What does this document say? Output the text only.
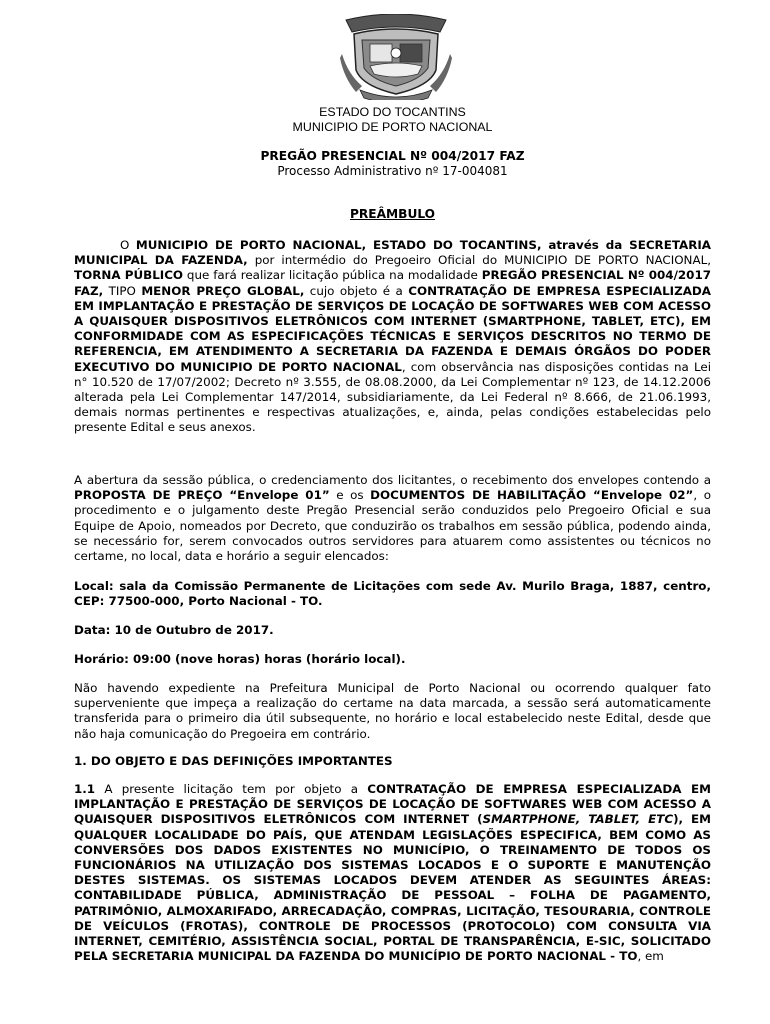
ESTADO DO TOCANTINS
MUNICIPIO DE PORTO NACIONAL
PREGÃO PRESENCIAL Nº 004/2017 FAZ
Processo Administrativo nº 17-004081
PREÂMBULO

O MUNICIPIO DE PORTO NACIONAL, ESTADO DO TOCANTINS, através da SECRETARIA MUNICIPAL DA FAZENDA, por intermédio do Pregoeiro Oficial do MUNICIPIO DE PORTO NACIONAL, TORNA PÚBLICO que fará realizar licitação pública na modalidade PREGÃO PRESENCIAL Nº 004/2017 FAZ, TIPO MENOR PREÇO GLOBAL, cujo objeto é a CONTRATAÇÃO DE EMPRESA ESPECIALIZADA EM IMPLANTAÇÃO E PRESTAÇÃO DE SERVIÇOS DE LOCAÇÃO DE SOFTWARES WEB COM ACESSO A QUAISQUER DISPOSITIVOS ELETRÔNICOS COM INTERNET (SMARTPHONE, TABLET, ETC), EM CONFORMIDADE COM AS ESPECIFICAÇÕES TÉCNICAS E SERVIÇOS DESCRITOS NO TERMO DE REFERENCIA, EM ATENDIMENTO A SECRETARIA DA FAZENDA E DEMAIS ÓRGÃOS DO PODER EXECUTIVO DO MUNICIPIO DE PORTO NACIONAL, com observância nas disposições contidas na Lei n° 10.520 de 17/07/2002; Decreto nº 3.555, de 08.08.2000, da Lei Complementar nº 123, de 14.12.2006 alterada pela Lei Complementar 147/2014, subsidiariamente, da Lei Federal nº 8.666, de 21.06.1993, demais normas pertinentes e respectivas atualizações, e, ainda, pelas condições estabelecidas pelo presente Edital e seus anexos.

A abertura da sessão pública, o credenciamento dos licitantes, o recebimento dos envelopes contendo a PROPOSTA DE PREÇO “Envelope 01” e os DOCUMENTOS DE HABILITAÇÃO “Envelope 02”, o procedimento e o julgamento deste Pregão Presencial serão conduzidos pelo Pregoeiro Oficial e sua Equipe de Apoio, nomeados por Decreto, que conduzirão os trabalhos em sessão pública, podendo ainda, se necessário for, serem convocados outros servidores para atuarem como assistentes ou técnicos no certame, no local, data e horário a seguir elencados:

Local: sala da Comissão Permanente de Licitações com sede Av. Murilo Braga, 1887, centro, CEP: 77500-000, Porto Nacional - TO.

Data: 10 de Outubro de 2017.

Horário: 09:00 (nove horas) horas (horário local).

Não havendo expediente na Prefeitura Municipal de Porto Nacional ou ocorrendo qualquer fato superveniente que impeça a realização do certame na data marcada, a sessão será automaticamente transferida para o primeiro dia útil subsequente, no horário e local estabelecido neste Edital, desde que não haja comunicação do Pregoeira em contrário.

1. DO OBJETO E DAS DEFINIÇÕES IMPORTANTES

1.1 A presente licitação tem por objeto a CONTRATAÇÃO DE EMPRESA ESPECIALIZADA EM IMPLANTAÇÃO E PRESTAÇÃO DE SERVIÇOS DE LOCAÇÃO DE SOFTWARES WEB COM ACESSO A QUAISQUER DISPOSITIVOS ELETRÔNICOS COM INTERNET (SMARTPHONE, TABLET, ETC), EM QUALQUER LOCALIDADE DO PAÍS, QUE ATENDAM LEGISLAÇÕES ESPECIFICA, BEM COMO AS CONVERSÕES DOS DADOS EXISTENTES NO MUNICÍPIO, O TREINAMENTO DE TODOS OS FUNCIONÁRIOS NA UTILIZAÇÃO DOS SISTEMAS LOCADOS E O SUPORTE E MANUTENÇÃO DESTES SISTEMAS. OS SISTEMAS LOCADOS DEVEM ATENDER AS SEGUINTES ÁREAS: CONTABILIDADE PÚBLICA, ADMINISTRAÇÃO DE PESSOAL – FOLHA DE PAGAMENTO, PATRIMÔNIO, ALMOXARIFADO, ARRECADAÇÃO, COMPRAS, LICITAÇÃO, TESOURARIA, CONTROLE DE VEÍCULOS (FROTAS), CONTROLE DE PROCESSOS (PROTOCOLO) COM CONSULTA VIA INTERNET, CEMITÉRIO, ASSISTÊNCIA SOCIAL, PORTAL DE TRANSPARÊNCIA, E-SIC, SOLICITADO PELA SECRETARIA MUNICIPAL DA FAZENDA DO MUNICÍPIO DE PORTO NACIONAL - TO, em
